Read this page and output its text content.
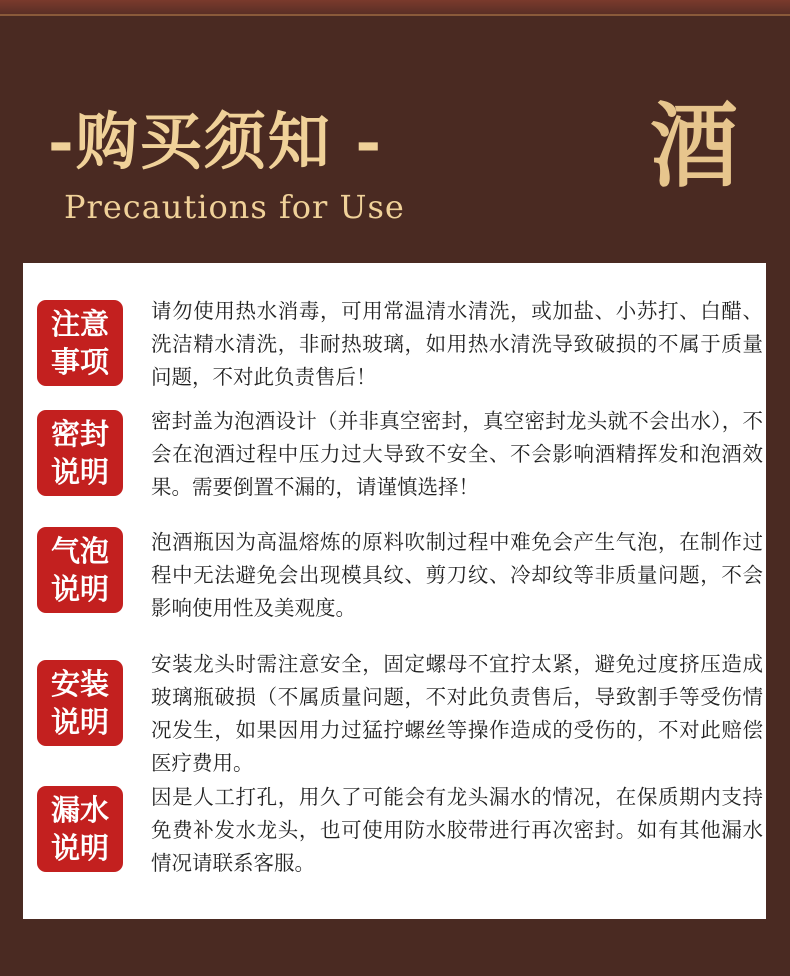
-购买须知 -
Precautions for Use
酒
注意
事项
请勿使用热水消毒，可用常温清水清洗，或加盐、小苏打、白醋、洗洁精水清洗，非耐热玻璃，如用热水清洗导致破损的不属于质量问题，不对此负责售后！
密封
说明
密封盖为泡酒设计（并非真空密封，真空密封龙头就不会出水），不会在泡酒过程中压力过大导致不安全、不会影响酒精挥发和泡酒效果。需要倒置不漏的，请谨慎选择！
气泡
说明
泡酒瓶因为高温熔炼的原料吹制过程中难免会产生气泡，在制作过程中无法避免会出现模具纹、剪刀纹、冷却纹等非质量问题，不会影响使用性及美观度。
安装
说明
安装龙头时需注意安全，固定螺母不宜拧太紧，避免过度挤压造成玻璃瓶破损（不属质量问题，不对此负责售后，导致割手等受伤情况发生，如果因用力过猛拧螺丝等操作造成的受伤的，不对此赔偿医疗费用。
漏水
说明
因是人工打孔，用久了可能会有龙头漏水的情况，在保质期内支持免费补发水龙头，也可使用防水胶带进行再次密封。如有其他漏水情况请联系客服。
